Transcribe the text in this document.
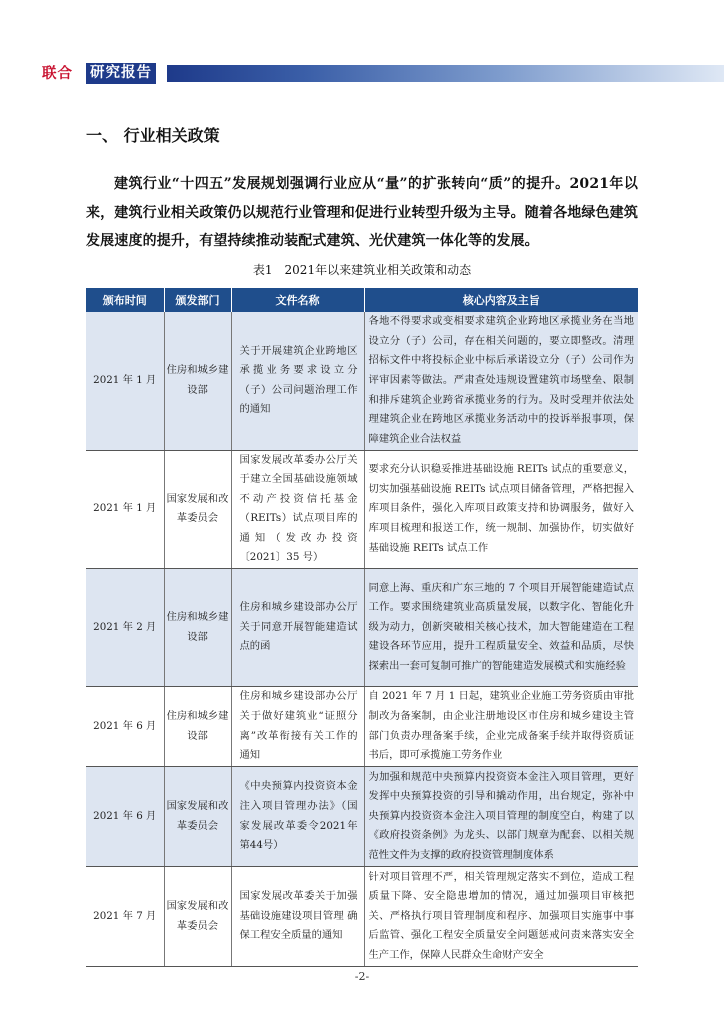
联合 研究报告
一、 行业相关政策
建筑行业“十四五”发展规划强调行业应从“量”的扩张转向“质”的提升。2021年以来，建筑行业相关政策仍以规范行业管理和促进行业转型升级为主导。随着各地绿色建筑发展速度的提升，有望持续推动装配式建筑、光伏建筑一体化等的发展。
表1　2021年以来建筑业相关政策和动态
颁布时间	颁发部门	文件名称	核心内容及主旨
2021 年 1 月	住房和城乡建设部	关于开展建筑企业跨地区承揽业务要求设立分（子）公司问题治理工作的通知	各地不得要求或变相要求建筑企业跨地区承揽业务在当地设立分（子）公司，存在相关问题的，要立即整改。清理招标文件中将投标企业中标后承诺设立分（子）公司作为评审因素等做法。严肃查处违规设置建筑市场壁垒、限制和排斥建筑企业跨省承揽业务的行为。及时受理并依法处理建筑企业在跨地区承揽业务活动中的投诉举报事项，保障建筑企业合法权益
2021 年 1 月	国家发展和改革委员会	国家发展改革委办公厅关于建立全国基础设施领域不动产投资信托基金（REITs）试点项目库的通知（发改办投资〔2021〕35 号）	要求充分认识稳妥推进基础设施 REITs 试点的重要意义，切实加强基础设施 REITs 试点项目储备管理，严格把握入库项目条件，强化入库项目政策支持和协调服务，做好入库项目梳理和报送工作，统一规制、加强协作，切实做好基础设施 REITs 试点工作
2021 年 2 月	住房和城乡建设部	住房和城乡建设部办公厅关于同意开展智能建造试点的函	同意上海、重庆和广东三地的 7 个项目开展智能建造试点工作。要求围绕建筑业高质量发展，以数字化、智能化升级为动力，创新突破相关核心技术，加大智能建造在工程建设各环节应用，提升工程质量安全、效益和品质，尽快探索出一套可复制可推广的智能建造发展模式和实施经验
2021 年 6 月	住房和城乡建设部	住房和城乡建设部办公厅关于做好建筑业“证照分离”改革衔接有关工作的通知	自 2021 年 7 月 1 日起，建筑业企业施工劳务资质由审批制改为备案制，由企业注册地设区市住房和城乡建设主管部门负责办理备案手续，企业完成备案手续并取得资质证书后，即可承揽施工劳务作业
2021 年 6 月	国家发展和改革委员会	《中央预算内投资资本金注入项目管理办法》（国家发展改革委令2021年第44号）	为加强和规范中央预算内投资资本金注入项目管理，更好发挥中央预算投资的引导和撬动作用，出台规定，弥补中央预算内投资资本金注入项目管理的制度空白，构建了以《政府投资条例》为龙头、以部门规章为配套、以相关规范性文件为支撑的政府投资管理制度体系
2021 年 7 月	国家发展和改革委员会	国家发展改革委关于加强基础设施建设项目管理 确保工程安全质量的通知	针对项目管理不严，相关管理规定落实不到位，造成工程质量下降、安全隐患增加的情况，通过加强项目审核把关、严格执行项目管理制度和程序、加强项目实施事中事后监管、强化工程安全质量安全问题惩戒问责来落实安全生产工作，保障人民群众生命财产安全
-2-
